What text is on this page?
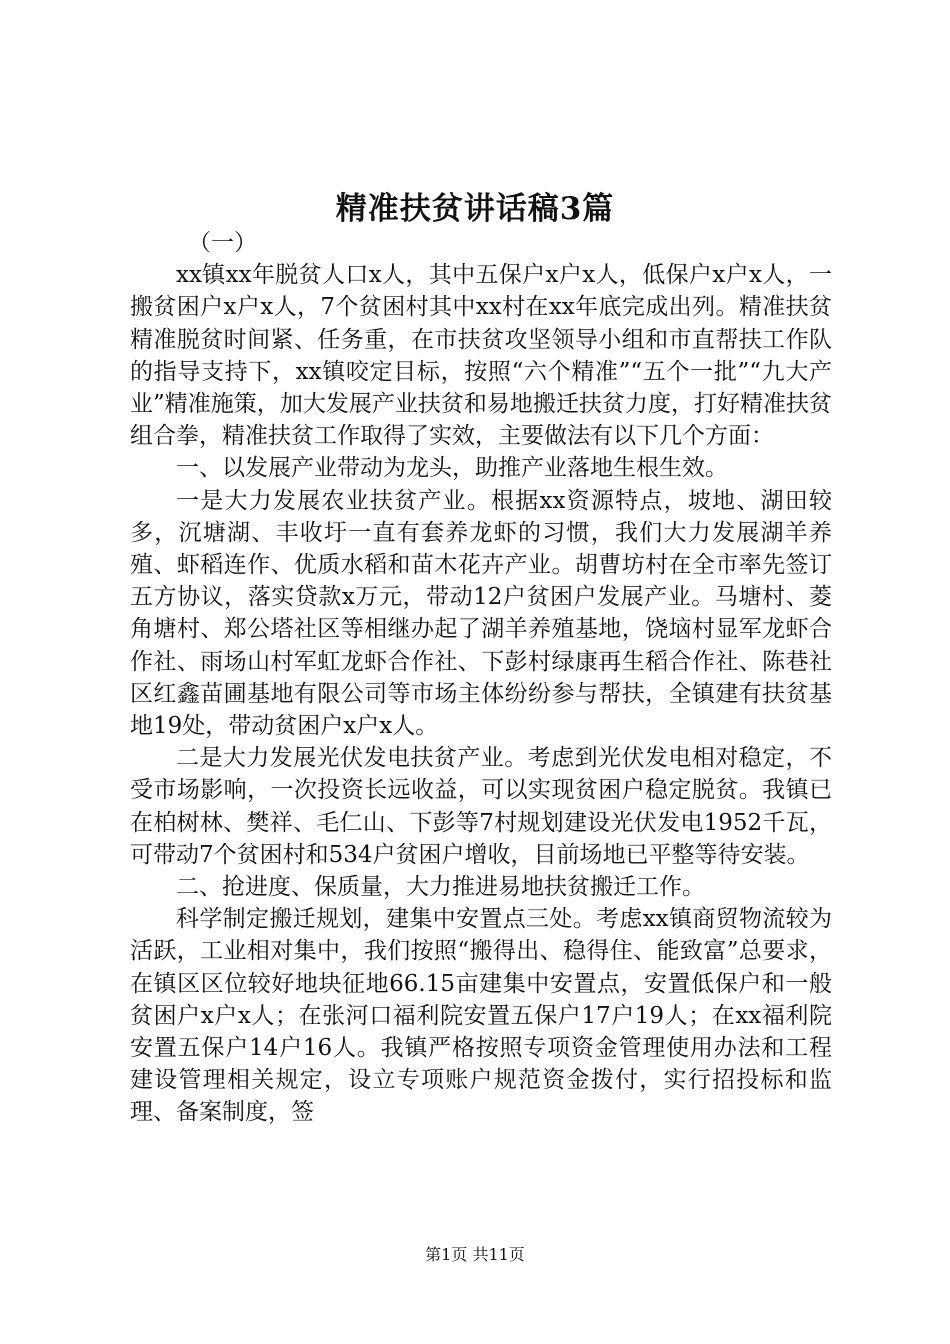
精准扶贫讲话稿3篇

（一）

xx镇xx年脱贫人口x人，其中五保户x户x人，低保户x户x人，一搬贫困户x户x人，7个贫困村其中xx村在xx年底完成出列。精准扶贫精准脱贫时间紧、任务重，在市扶贫攻坚领导小组和市直帮扶工作队的指导支持下，xx镇咬定目标，按照“六个精准”“五个一批”“九大产业”精准施策，加大发展产业扶贫和易地搬迁扶贫力度，打好精准扶贫组合拳，精准扶贫工作取得了实效，主要做法有以下几个方面：

一、以发展产业带动为龙头，助推产业落地生根生效。

一是大力发展农业扶贫产业。根据xx资源特点，坡地、湖田较多，沉塘湖、丰收圩一直有套养龙虾的习惯，我们大力发展湖羊养殖、虾稻连作、优质水稻和苗木花卉产业。胡曹坊村在全市率先签订五方协议，落实贷款x万元，带动12户贫困户发展产业。马塘村、菱角塘村、郑公塔社区等相继办起了湖羊养殖基地，饶垴村显军龙虾合作社、雨场山村军虹龙虾合作社、下彭村绿康再生稻合作社、陈巷社区红鑫苗圃基地有限公司等市场主体纷纷参与帮扶，全镇建有扶贫基地19处，带动贫困户x户x人。

二是大力发展光伏发电扶贫产业。考虑到光伏发电相对稳定，不受市场影响，一次投资长远收益，可以实现贫困户稳定脱贫。我镇已在柏树林、樊祥、毛仁山、下彭等7村规划建设光伏发电1952千瓦，可带动7个贫困村和534户贫困户增收，目前场地已平整等待安装。

二、抢进度、保质量，大力推进易地扶贫搬迁工作。

科学制定搬迁规划，建集中安置点三处。考虑xx镇商贸物流较为活跃，工业相对集中，我们按照“搬得出、稳得住、能致富”总要求，在镇区区位较好地块征地66.15亩建集中安置点，安置低保户和一般贫困户x户x人；在张河口福利院安置五保户17户19人；在xx福利院安置五保户14户16人。我镇严格按照专项资金管理使用办法和工程建设管理相关规定，设立专项账户规范资金拨付，实行招投标和监理、备案制度，签

第1页 共11页
